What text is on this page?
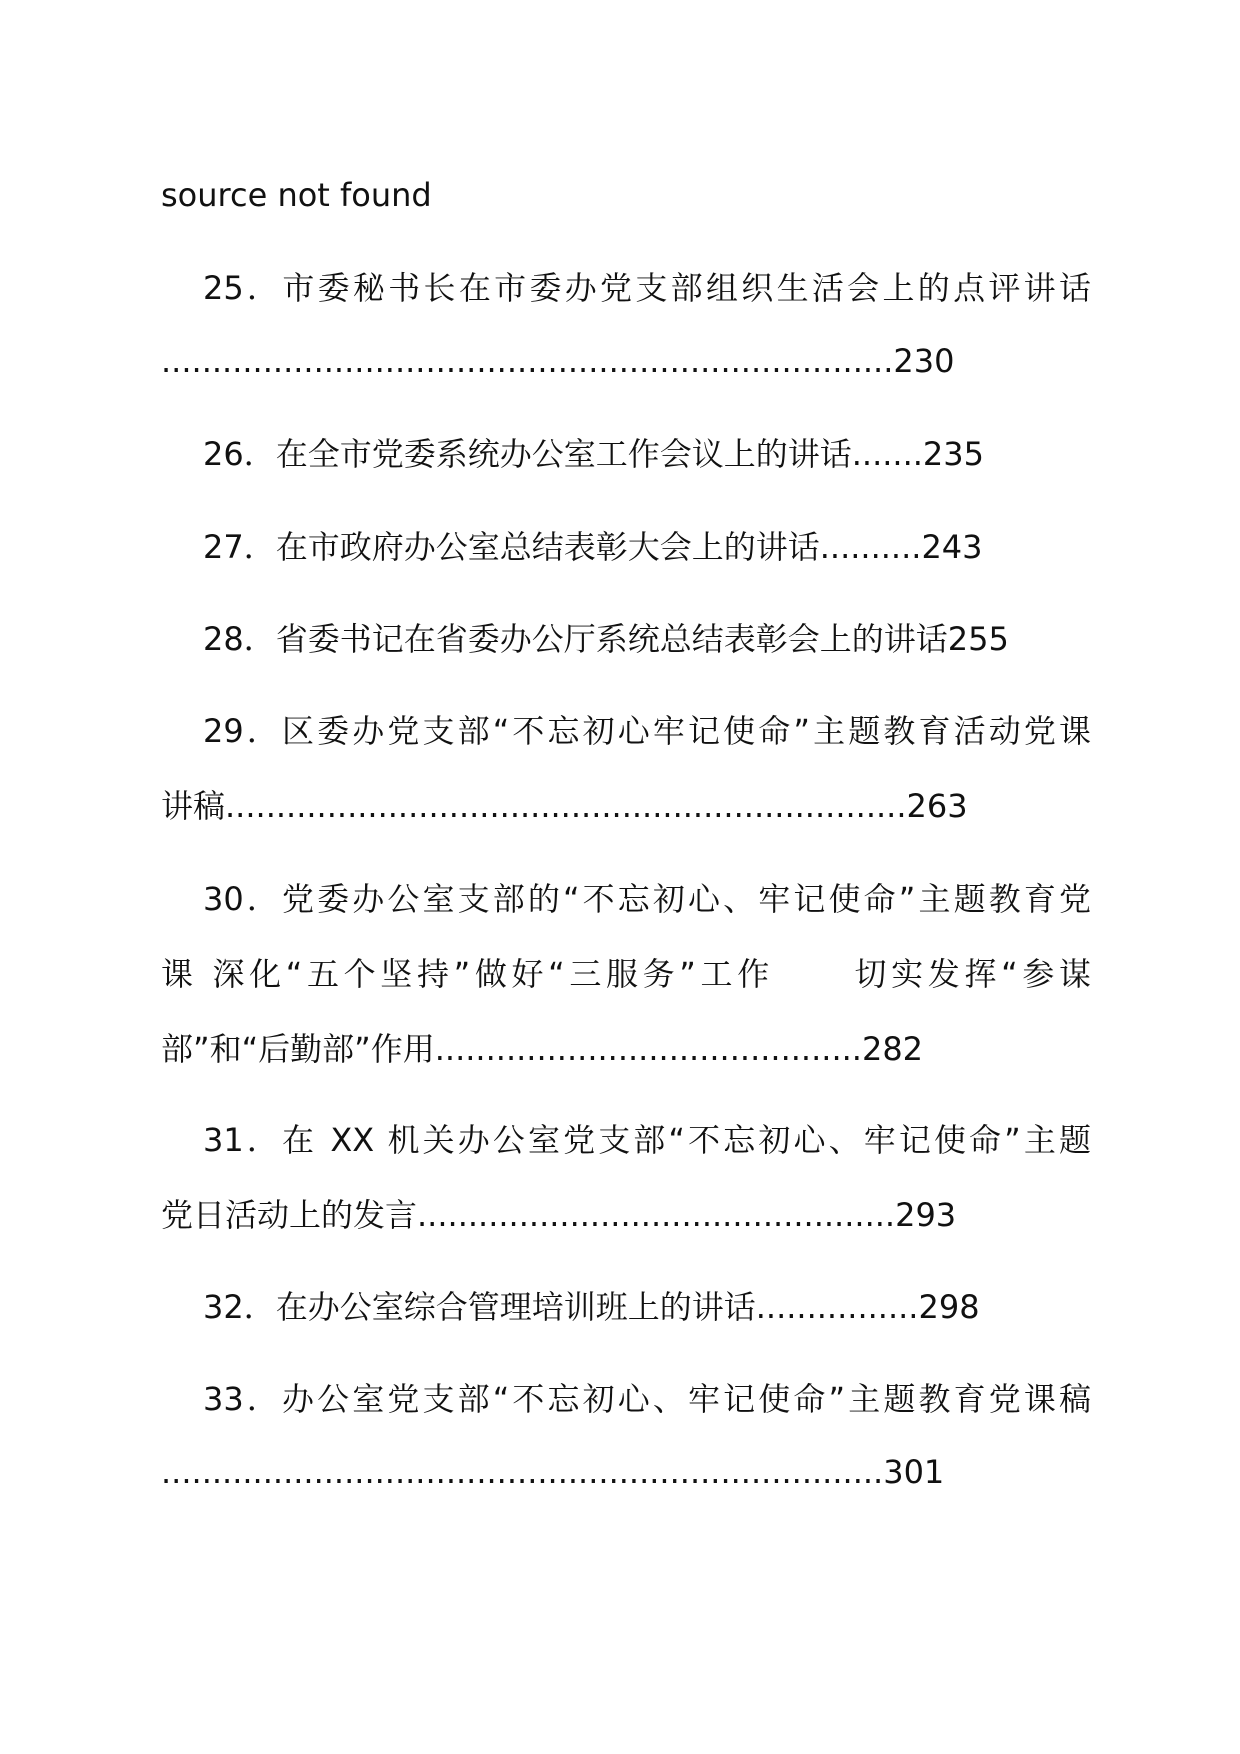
source not found
25．市委秘书长在市委办党支部组织生活会上的点评讲话
........................................................................230
26．在全市党委系统办公室工作会议上的讲话.......235
27．在市政府办公室总结表彰大会上的讲话..........243
28．省委书记在省委办公厅系统总结表彰会上的讲话255
29．区委办党支部“不忘初心牢记使命”主题教育活动党课
讲稿...................................................................263
30．党委办公室支部的“不忘初心、牢记使命”主题教育党
课 深化“五个坚持”做好“三服务”工作 切实发挥“参谋
部”和“后勤部”作用..........................................282
31．在 XX 机关办公室党支部“不忘初心、牢记使命”主题
党日活动上的发言...............................................293
32．在办公室综合管理培训班上的讲话................298
33．办公室党支部“不忘初心、牢记使命”主题教育党课稿
.......................................................................301
